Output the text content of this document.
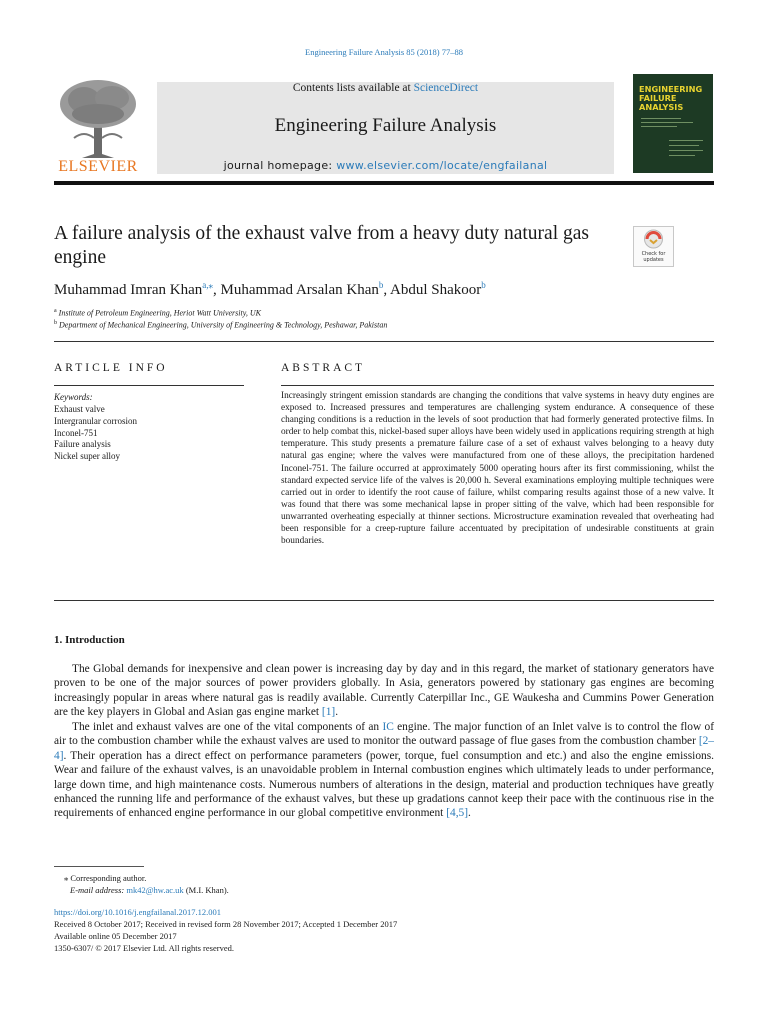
Engineering Failure Analysis 85 (2018) 77–88
ELSEVIER
Contents lists available at ScienceDirect
Engineering Failure Analysis
journal homepage: www.elsevier.com/locate/engfailanal
ENGINEERING
FAILURE
ANALYSIS
A failure analysis of the exhaust valve from a heavy duty natural gas engine	Check for
updates
Muhammad Imran Khan$^{a,⁎}$, Muhammad Arsalan Khan$^b$, Abdul Shakoor$^b$
$^a$ Institute of Petroleum Engineering, Heriot Watt University, UK
$^b$ Department of Mechanical Engineering, University of Engineering & Technology, Peshawar, Pakistan
ARTICLE INFO
Keywords:
Exhaust valve
Intergranular corrosion
Inconel-751
Failure analysis
Nickel super alloy
ABSTRACT

Increasingly stringent emission standards are changing the conditions that valve systems in heavy duty engines are exposed to. Increased pressures and temperatures are challenging system endurance. A consequence of these changing conditions is a reduction in the levels of soot production that had formerly generated protective films. In order to help combat this, nickel-based super alloys have been widely used in applications requiring strength at high temperature. This study presents a premature failure case of a set of exhaust valves belonging to a heavy duty natural gas engine; where the valves were manufactured from one of these alloys, the precipitation hardened Inconel-751. The failure occurred at approximately 5000 operating hours after its first commissioning, whilst the standard expected service life of the valves is 20,000 h. Several examinations employing multiple techniques were carried out in order to identify the root cause of failure, whilst comparing results against those of a new valve. It was found that there was some mechanical lapse in proper sitting of the valve, which had been responsible for unwarranted overheating especially at thinner sections. Microstructure examination revealed that overheating had been responsible for a creep-rupture failure accentuated by precipitation of undesirable constituents at grain boundaries.

1. Introduction

The Global demands for inexpensive and clean power is increasing day by day and in this regard, the market of stationary generators have proven to be one of the major sources of power providers globally. In Asia, generators powered by stationary gas engines are becoming increasingly popular in areas where natural gas is readily available. Currently Caterpillar Inc., GE Waukesha and Cummins Power Generation are the key players in Global and Asian gas engine market [1].

The inlet and exhaust valves are one of the vital components of an IC engine. The major function of an Inlet valve is to control the flow of air to the combustion chamber while the exhaust valves are used to monitor the outward passage of flue gases from the combustion chamber [2–4]. Their operation has a direct effect on performance parameters (power, torque, fuel consumption and etc.) and also the engine emissions. Wear and failure of the exhaust valves, is an unavoidable problem in Internal combustion engines which ultimately leads to under performance, large down time, and high maintenance costs. Numerous numbers of alterations in the design, material and production techniques have greatly enhanced the running life and performance of the exhaust valves, but these up gradations cannot keep their pace with the continuous rise in the requirements of enhanced engine performance in our global competitive environment [4,5].

⁎ Corresponding author.
E-mail address: mk42@hw.ac.uk (M.I. Khan).
https://doi.org/10.1016/j.engfailanal.2017.12.001
Received 8 October 2017; Received in revised form 28 November 2017; Accepted 1 December 2017
Available online 05 December 2017
1350-6307/ © 2017 Elsevier Ltd. All rights reserved.
